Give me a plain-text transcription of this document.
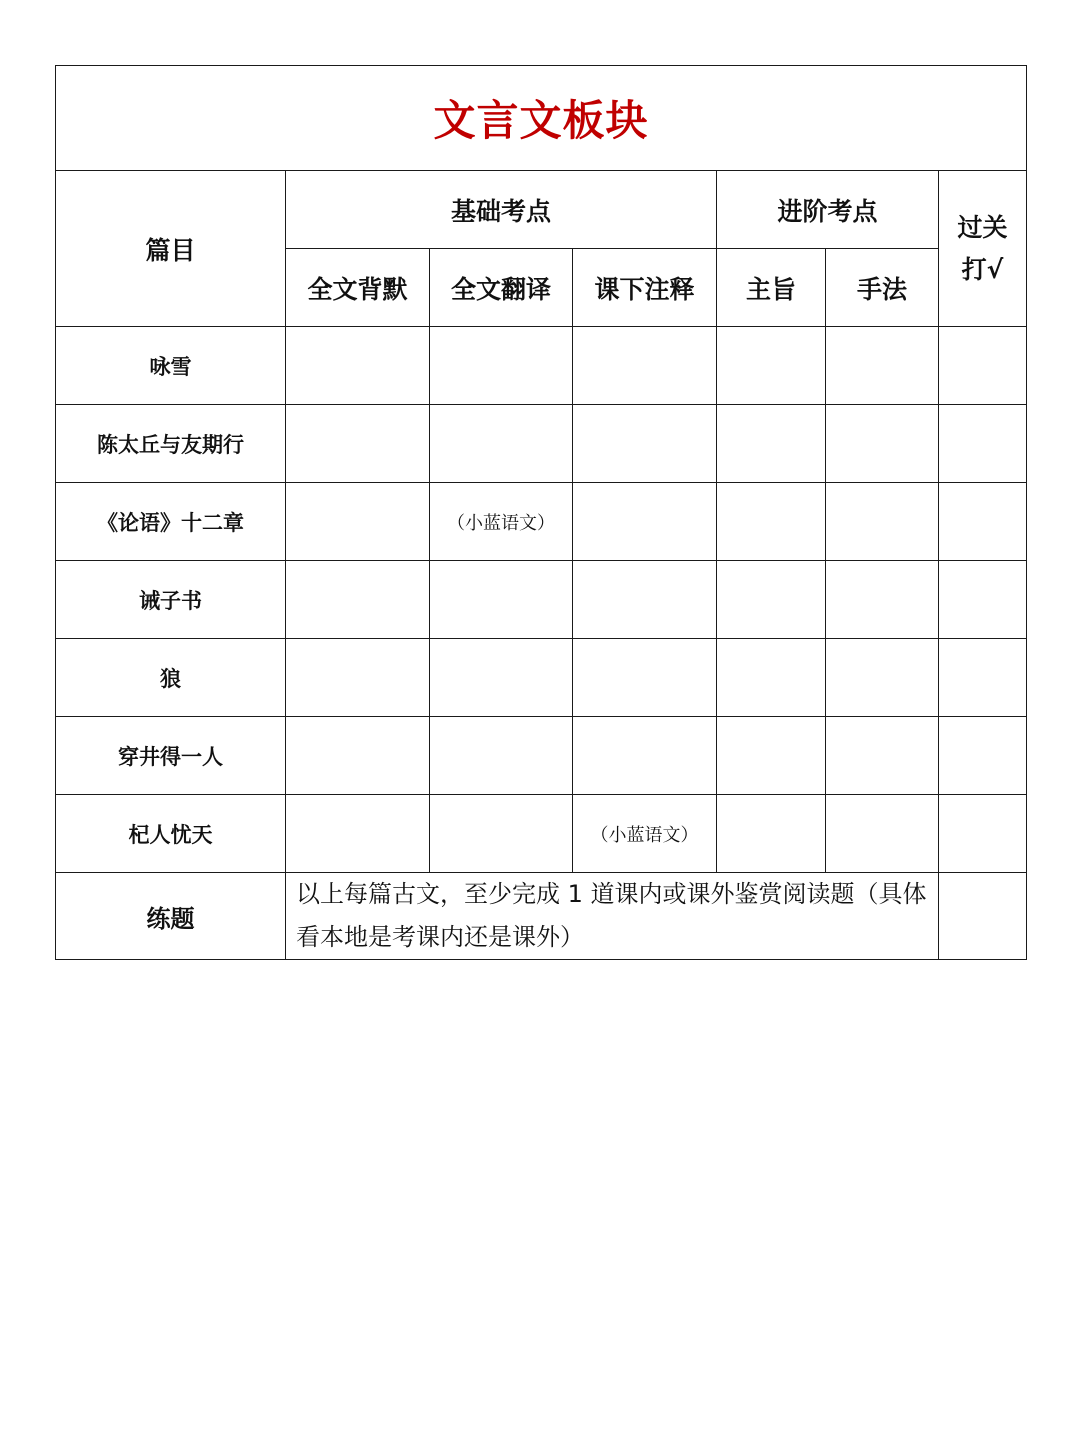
文言文板块						
篇目	基础考点			进阶考点		过关
打√

	全文背默	全文翻译	课下注释	主旨	手法	
咏雪						
陈太丘与友期行						
《论语》十二章		（小蓝语文）				
诫子书						
狼						
穿井得一人						
杞人忧天			（小蓝语文）			
练题	以上每篇古文，至少完成 1 道课内或课外鉴赏阅读题（具体看本地是考课内还是课外）					
